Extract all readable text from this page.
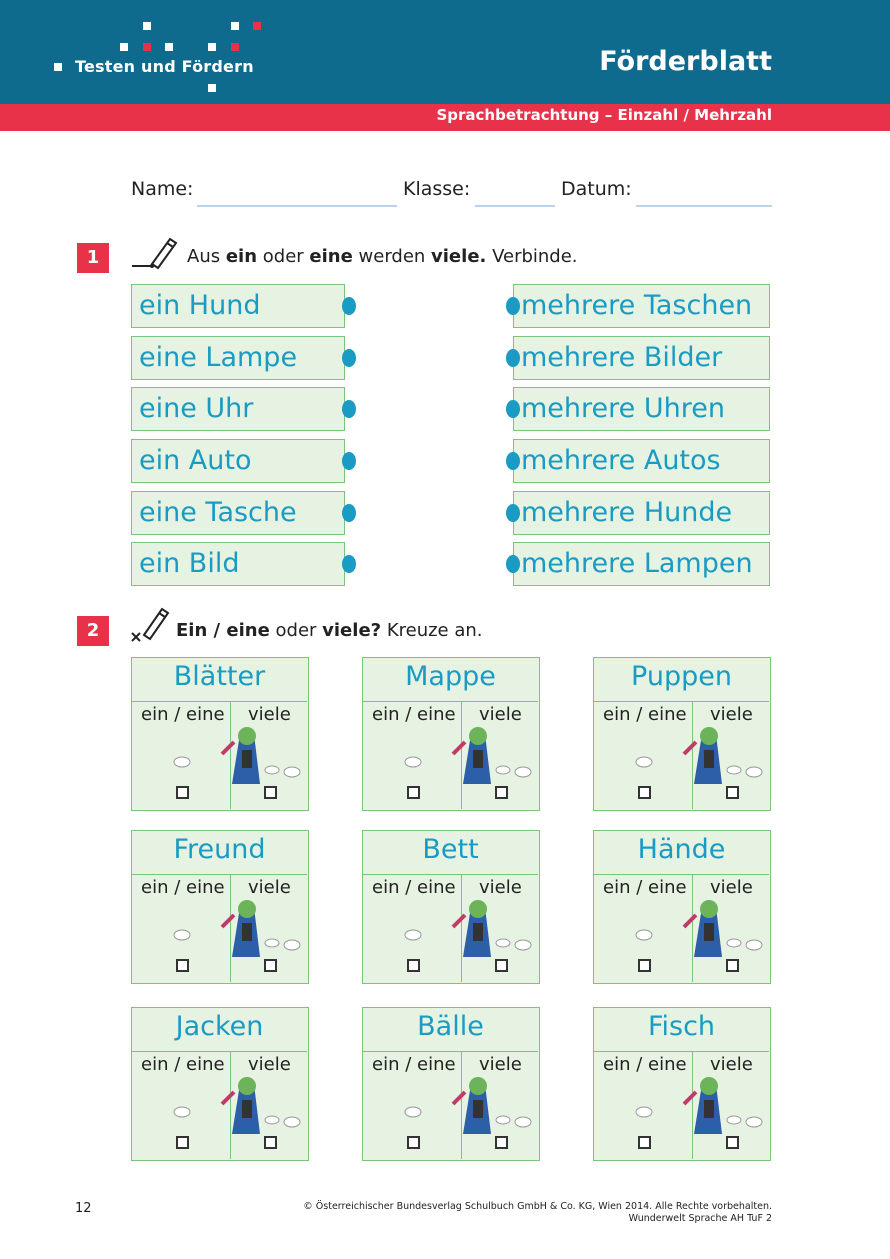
Testen und Fördern	Förderblatt
Sprachbetrachtung – Einzahl / Mehrzahl
Name:	Klasse:	Datum:
1	Aus ein oder eine werden viele. Verbinde.
ein Hund
eine Lampe
eine Uhr
ein Auto
eine Tasche
ein Bild
mehrere Taschen
mehrere Bilder
mehrere Uhren
mehrere Autos
mehrere Hunde
mehrere Lampen
2	Ein / eine oder viele? Kreuze an.
Blätter
ein / eine viele
Mappe
ein / eine viele
Puppen
ein / eine viele
Freund
ein / eine viele
Bett
ein / eine viele
Hände
ein / eine viele
Jacken
ein / eine viele
Bälle
ein / eine viele
Fisch
ein / eine viele
12	© Österreichischer Bundesverlag Schulbuch GmbH & Co. KG, Wien 2014. Alle Rechte vorbehalten.
Wunderwelt Sprache AH TuF 2
